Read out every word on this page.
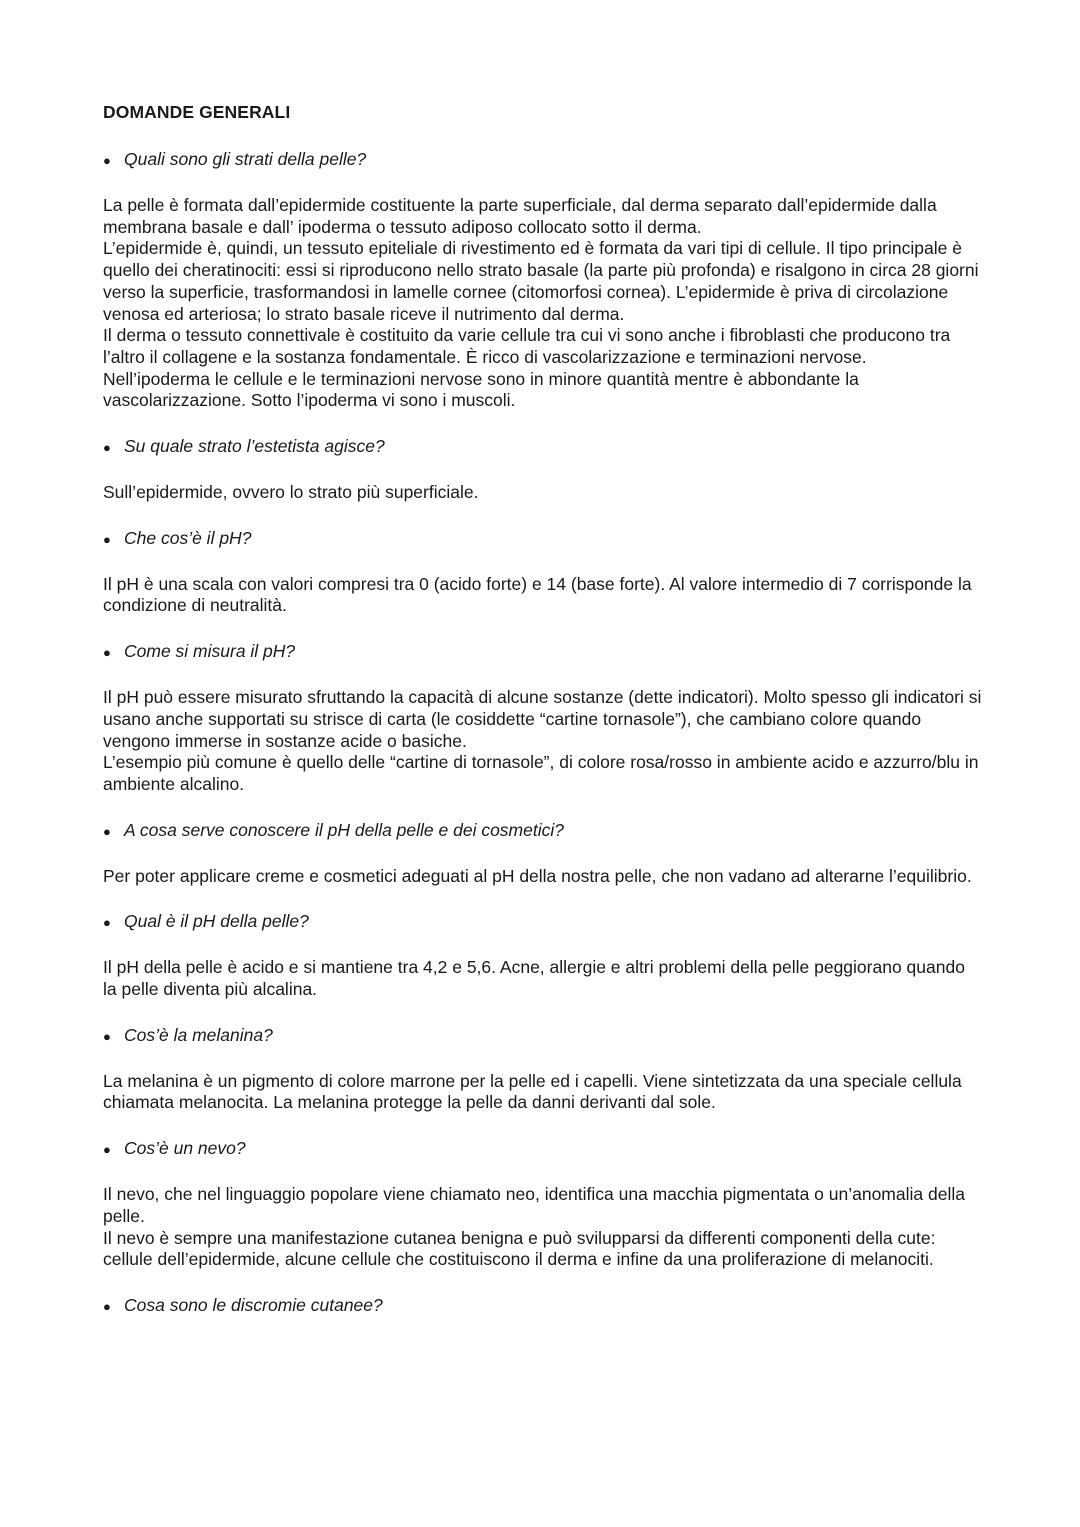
DOMANDE GENERALI
● Quali sono gli strati della pelle?

La pelle è formata dall’epidermide costituente la parte superficiale, dal derma separato dall’epidermide dalla membrana basale e dall’ ipoderma o tessuto adiposo collocato sotto il derma.

L’epidermide è, quindi, un tessuto epiteliale di rivestimento ed è formata da vari tipi di cellule. Il tipo principale è quello dei cheratinociti: essi si riproducono nello strato basale (la parte più profonda) e risalgono in circa 28 giorni verso la superficie, trasformandosi in lamelle cornee (citomorfosi cornea). L’epidermide è priva di circolazione venosa ed arteriosa; lo strato basale riceve il nutrimento dal derma.

Il derma o tessuto connettivale è costituito da varie cellule tra cui vi sono anche i fibroblasti che producono tra l’altro il collagene e la sostanza fondamentale. È ricco di vascolarizzazione e terminazioni nervose.

Nell’ipoderma le cellule e le terminazioni nervose sono in minore quantità mentre è abbondante la vascolarizzazione. Sotto l’ipoderma vi sono i muscoli.

● Su quale strato l’estetista agisce?

Sull’epidermide, ovvero lo strato più superficiale.

● Che cos’è il pH?

Il pH è una scala con valori compresi tra 0 (acido forte) e 14 (base forte). Al valore intermedio di 7 corrisponde la condizione di neutralità.

● Come si misura il pH?

Il pH può essere misurato sfruttando la capacità di alcune sostanze (dette indicatori). Molto spesso gli indicatori si usano anche supportati su strisce di carta (le cosiddette “cartine tornasole”), che cambiano colore quando vengono immerse in sostanze acide o basiche.

L’esempio più comune è quello delle “cartine di tornasole”, di colore rosa/rosso in ambiente acido e azzurro/blu in ambiente alcalino.

● A cosa serve conoscere il pH della pelle e dei cosmetici?

Per poter applicare creme e cosmetici adeguati al pH della nostra pelle, che non vadano ad alterarne l’equilibrio.

● Qual è il pH della pelle?

Il pH della pelle è acido e si mantiene tra 4,2 e 5,6. Acne, allergie e altri problemi della pelle peggiorano quando la pelle diventa più alcalina.

● Cos’è la melanina?

La melanina è un pigmento di colore marrone per la pelle ed i capelli. Viene sintetizzata da una speciale cellula chiamata melanocita. La melanina protegge la pelle da danni derivanti dal sole.

● Cos’è un nevo?

Il nevo, che nel linguaggio popolare viene chiamato neo, identifica una macchia pigmentata o un’anomalia della pelle.

Il nevo è sempre una manifestazione cutanea benigna e può svilupparsi da differenti componenti della cute: cellule dell’epidermide, alcune cellule che costituiscono il derma e infine da una proliferazione di melanociti.

● Cosa sono le discromie cutanee?
